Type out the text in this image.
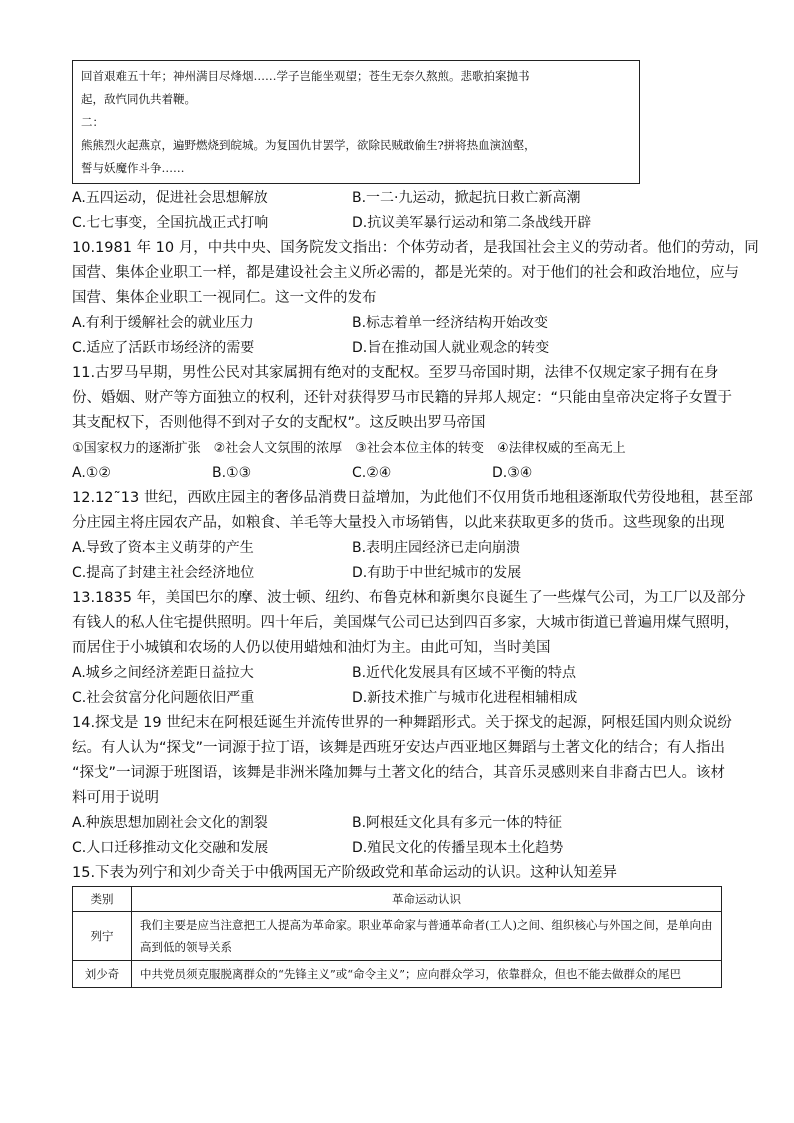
回首艰难五十年；神州满目尽烽烟……学子岂能坐观望；苍生无奈久熬煎。悲歌拍案抛书
起，敌忾同仇共着鞭。
二：
熊熊烈火起燕京，遍野燃烧到皖城。为复国仇甘罢学，欲除民贼敢偷生?拼将热血演汹壑，
誓与妖魔作斗争……
A.五四运动，促进社会思想解放	B.一二·九运动，掀起抗日救亡新高潮
C.七七事变，全国抗战正式打响	D.抗议美军暴行运动和第二条战线开辟
10.1981 年 10 月，中共中央、国务院发文指出：个体劳动者，是我国社会主义的劳动者。他们的劳动，同
国营、集体企业职工一样，都是建设社会主义所必需的，都是光荣的。对于他们的社会和政治地位，应与
国营、集体企业职工一视同仁。这一文件的发布
A.有利于缓解社会的就业压力	B.标志着单一经济结构开始改变
C.适应了活跃市场经济的需要	D.旨在推动国人就业观念的转变
11.古罗马早期，男性公民对其家属拥有绝对的支配权。至罗马帝国时期，法律不仅规定家子拥有在身
份、婚姻、财产等方面独立的权利，还针对获得罗马市民籍的异邦人规定：“只能由皇帝决定将子女置于
其支配权下，否则他得不到对子女的支配权”。这反映出罗马帝国
①国家权力的逐渐扩张　②社会人文氛围的浓厚　③社会本位主体的转变　④法律权威的至高无上
A.①②	B.①③	C.②④	D.③④
12.12˜13 世纪，西欧庄园主的奢侈品消费日益增加，为此他们不仅用货币地租逐渐取代劳役地租，甚至部
分庄园主将庄园农产品，如粮食、羊毛等大量投入市场销售，以此来获取更多的货币。这些现象的出现
A.导致了资本主义萌芽的产生	B.表明庄园经济已走向崩溃
C.提高了封建主社会经济地位	D.有助于中世纪城市的发展
13.1835 年，美国巴尔的摩、波士顿、纽约、布鲁克林和新奥尔良诞生了一些煤气公司，为工厂以及部分
有钱人的私人住宅提供照明。四十年后，美国煤气公司已达到四百多家，大城市街道已普遍用煤气照明，
而居住于小城镇和农场的人仍以使用蜡烛和油灯为主。由此可知，当时美国
A.城乡之间经济差距日益拉大	B.近代化发展具有区域不平衡的特点
C.社会贫富分化问题依旧严重	D.新技术推广与城市化进程相辅相成
14.探戈是 19 世纪末在阿根廷诞生并流传世界的一种舞蹈形式。关于探戈的起源，阿根廷国内则众说纷
纭。有人认为“探戈”一词源于拉丁语，该舞是西班牙安达卢西亚地区舞蹈与土著文化的结合；有人指出
“探戈”一词源于班图语，该舞是非洲米隆加舞与土著文化的结合，其音乐灵感则来自非裔古巴人。该材
料可用于说明
A.种族思想加剧社会文化的割裂	B.阿根廷文化具有多元一体的特征
C.人口迁移推动文化交融和发展	D.殖民文化的传播呈现本土化趋势
15.下表为列宁和刘少奇关于中俄两国无产阶级政党和革命运动的认识。这种认知差异
类别	革命运动认识
列宁	我们主要是应当注意把工人提高为革命家。职业革命家与普通革命者(工人)之间、组织核心与外国之间，是单向由高到低的领导关系
刘少奇	中共党员须克服脱离群众的“先锋主义”或“命令主义”；应向群众学习，依靠群众，但也不能去做群众的尾巴
